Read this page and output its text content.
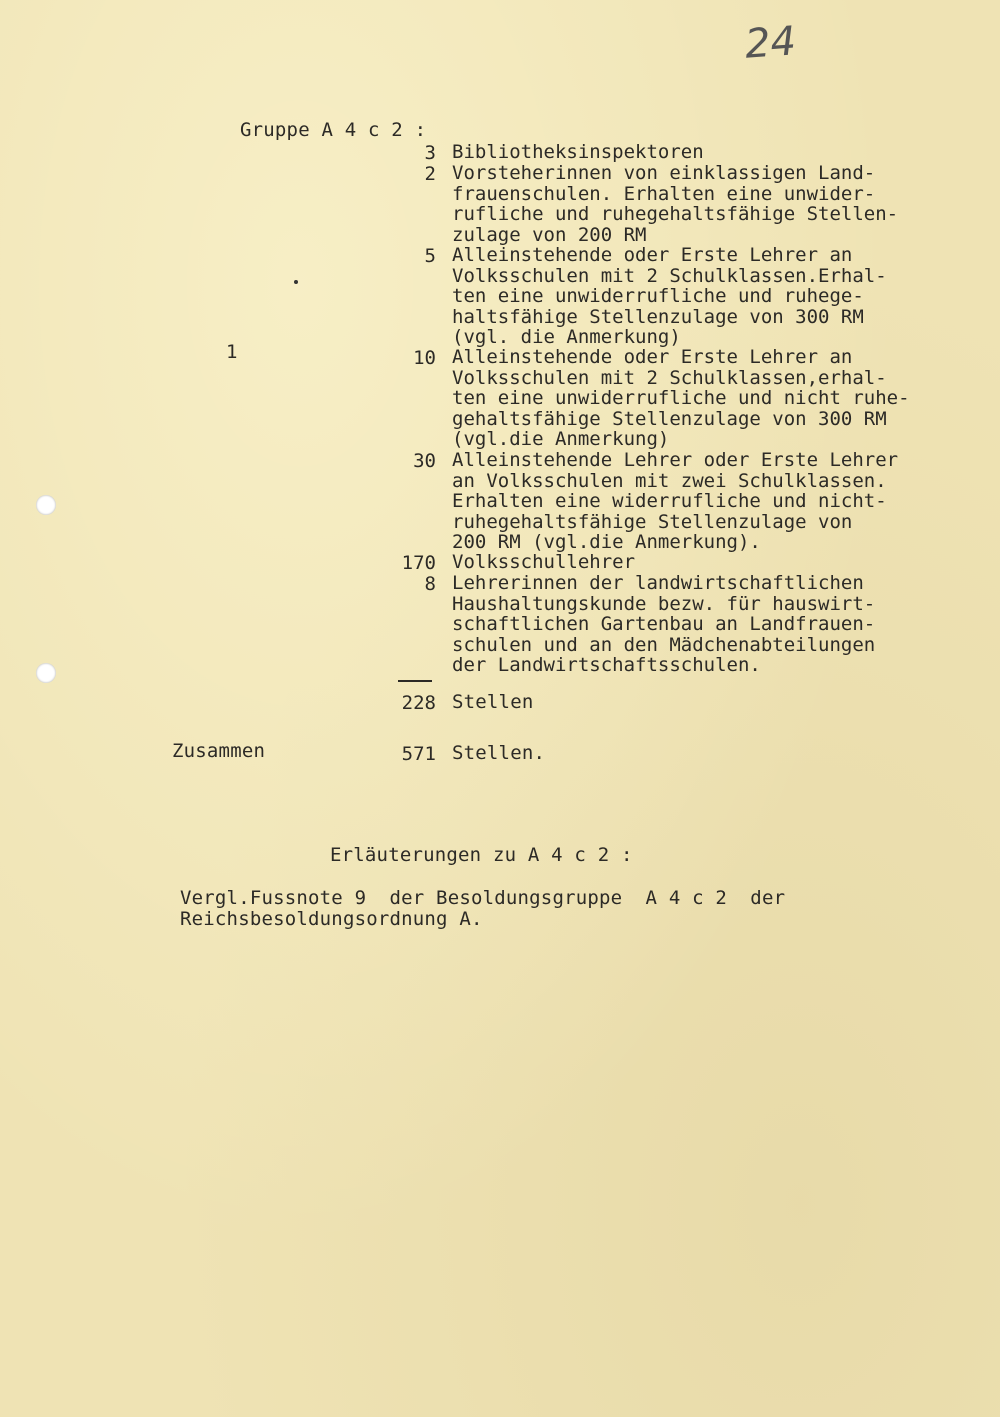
24
Gruppe A 4 c 2 :
1
3 Bibliotheksinspektoren
2 Vorsteherinnen von einklassigen Land-
frauenschulen. Erhalten eine unwider-
rufliche und ruhegehaltsfähige Stellen-
zulage von 200 RM
5 Alleinstehende oder Erste Lehrer an
Volksschulen mit 2 Schulklassen.Erhal-
ten eine unwiderrufliche und ruhege-
haltsfähige Stellenzulage von 300 RM
(vgl. die Anmerkung)
10 Alleinstehende oder Erste Lehrer an
Volksschulen mit 2 Schulklassen,erhal-
ten eine unwiderrufliche und nicht ruhe-
gehaltsfähige Stellenzulage von 300 RM
(vgl.die Anmerkung)
30 Alleinstehende Lehrer oder Erste Lehrer
an Volksschulen mit zwei Schulklassen.
Erhalten eine widerrufliche und nicht-
ruhegehaltsfähige Stellenzulage von
200 RM (vgl.die Anmerkung).
170 Volksschullehrer
8 Lehrerinnen der landwirtschaftlichen
Haushaltungskunde bezw. für hauswirt-
schaftlichen Gartenbau an Landfrauen-
schulen und an den Mädchenabteilungen
der Landwirtschaftsschulen.
228 Stellen
Zusammen	571 Stellen.
Erläuterungen zu A 4 c 2 :
Vergl.Fussnote 9  der Besoldungsgruppe  A 4 c 2  der
Reichsbesoldungsordnung A.
